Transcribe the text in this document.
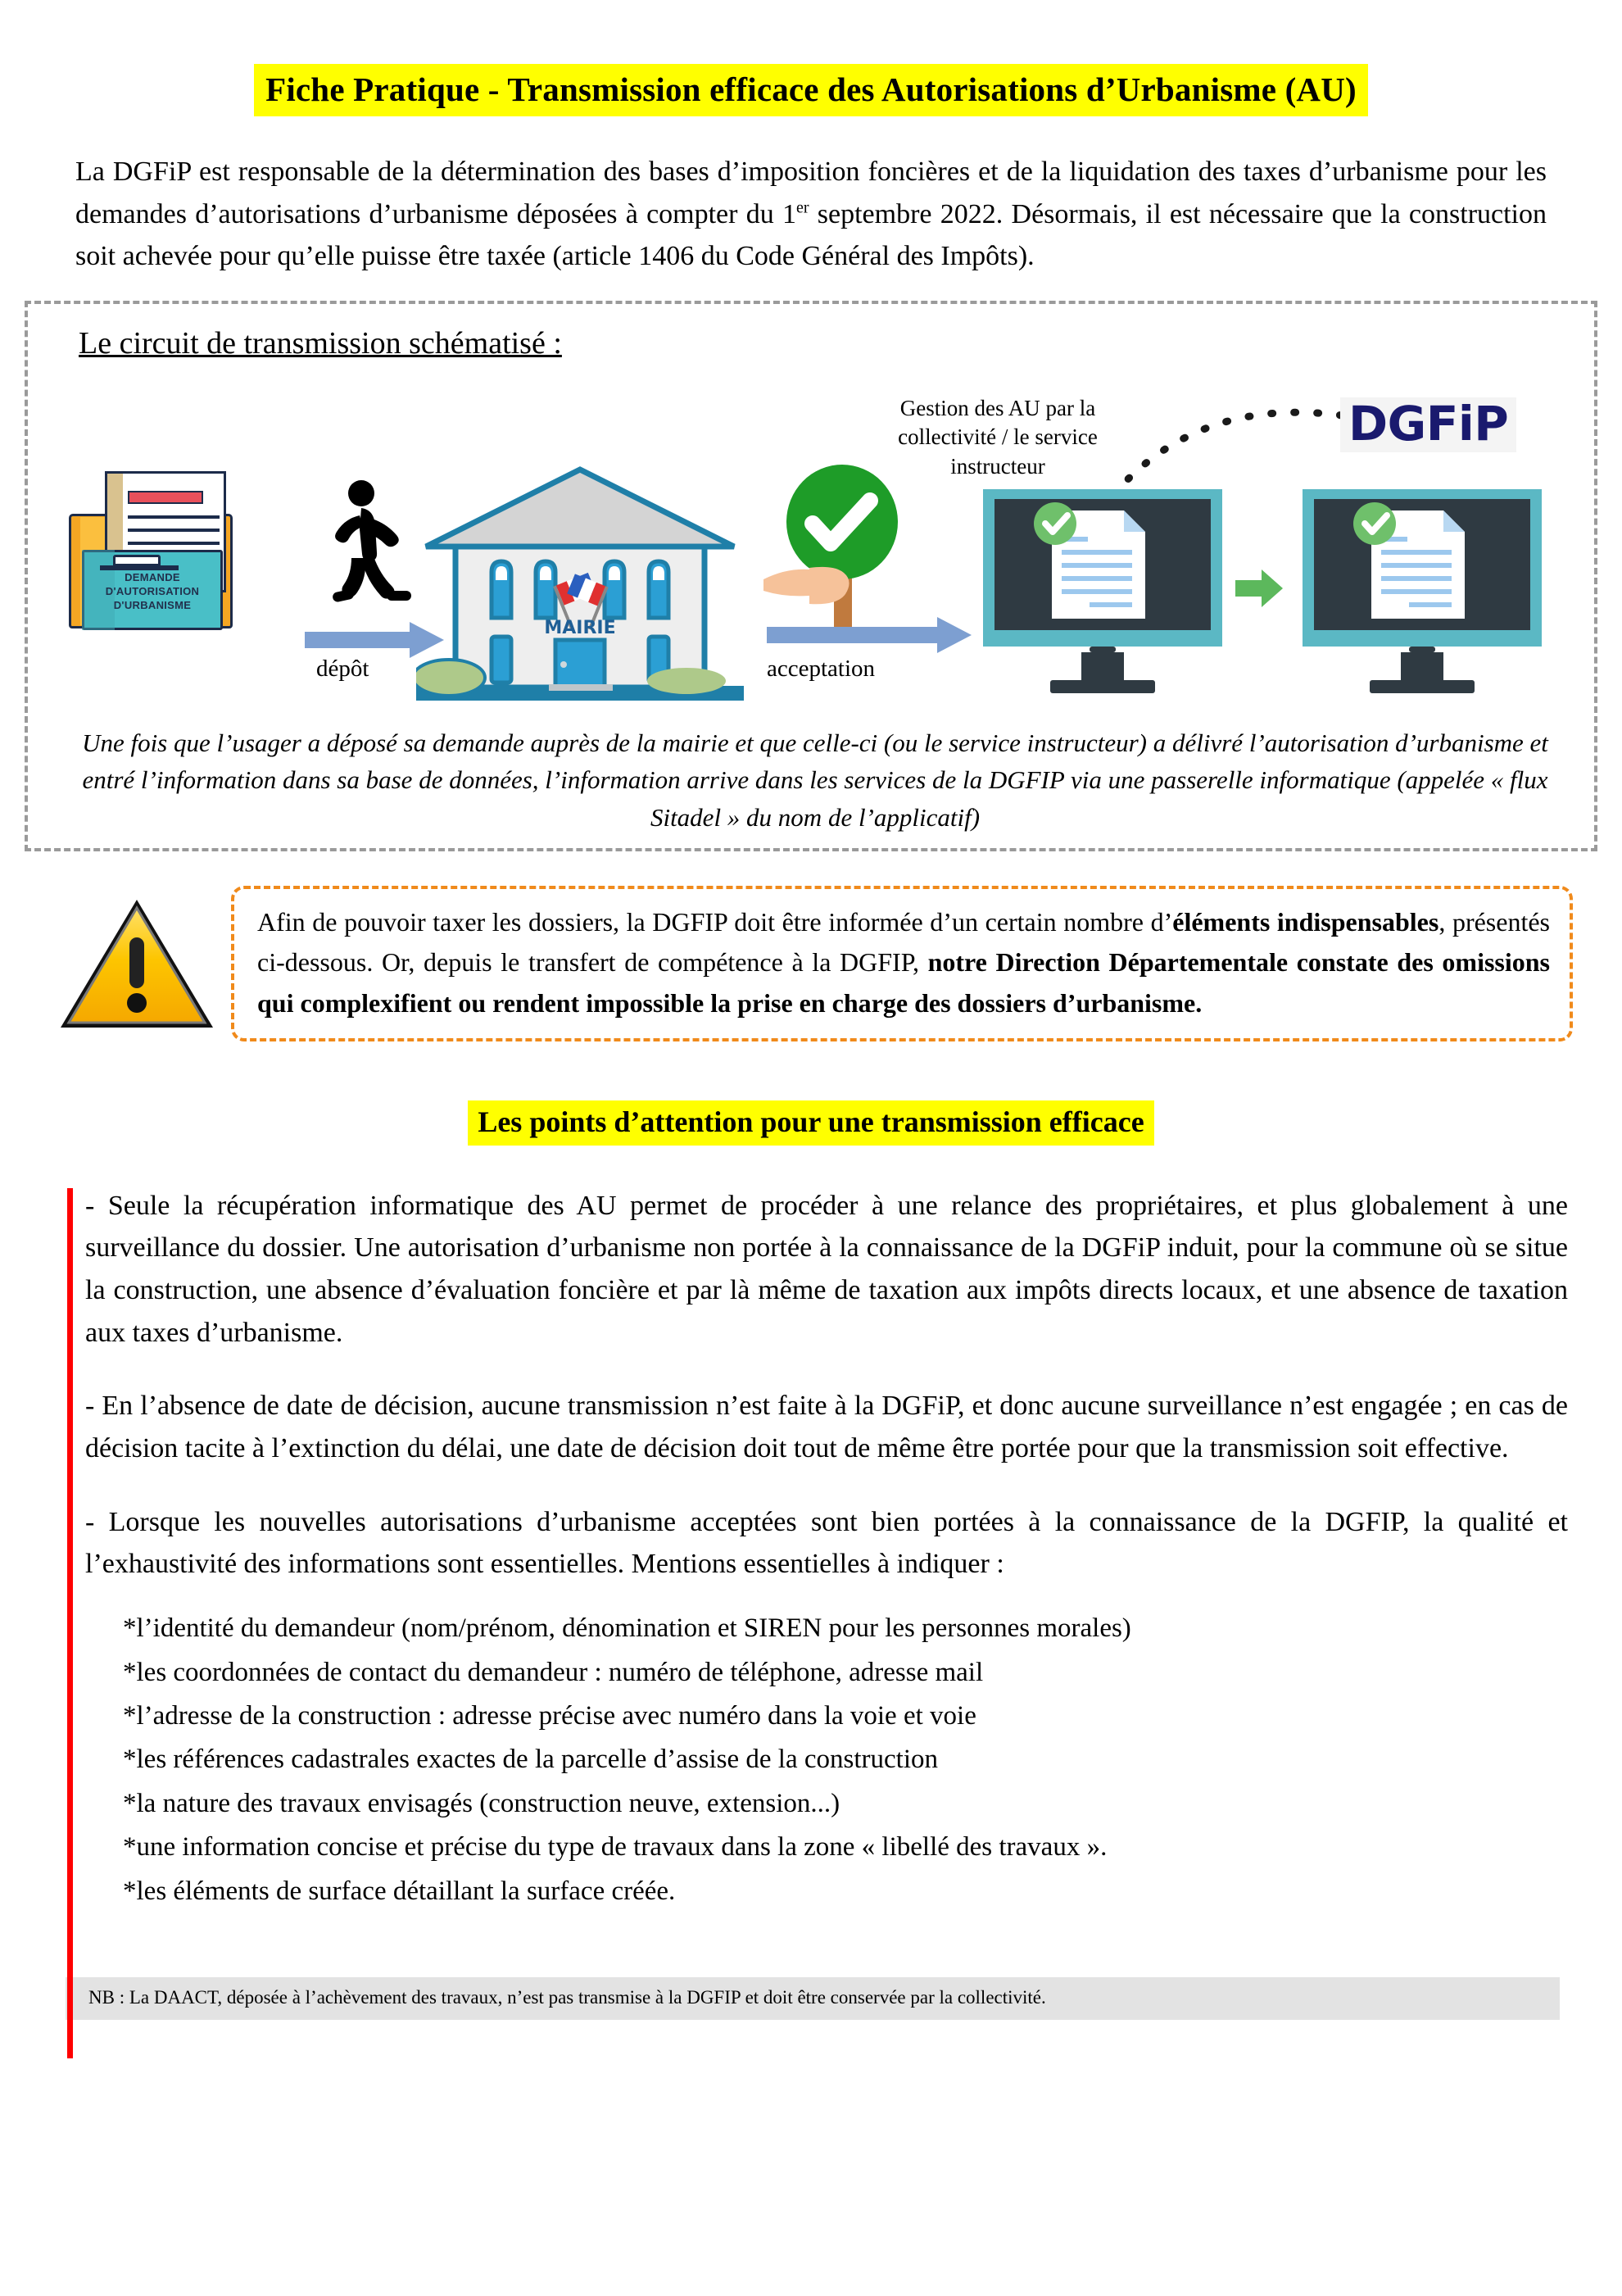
Fiche Pratique - Transmission efficace des Autorisations d’Urbanisme (AU)

La DGFiP est responsable de la détermination des bases d’imposition foncières et de la liquidation des taxes d’urbanisme pour les demandes d’autorisations d’urbanisme déposées à compter du 1er septembre 2022. Désormais, il est nécessaire que la construction soit achevée pour qu’elle puisse être taxée (article 1406 du Code Général des Impôts).

Le circuit de transmission schématisé :
DEMANDE
D'AUTORISATION
D'URBANISME
MAIRIE
dépôt	acceptation
Gestion des AU par la
collectivité / le service
instructeur
DGFiP
Une fois que l’usager a déposé sa demande auprès de la mairie et que celle-ci (ou le service instructeur) a délivré l’autorisation d’urbanisme et entré l’information dans sa base de données, l’information arrive dans les services de la DGFIP via une passerelle informatique (appelée « flux Sitadel » du nom de l’applicatif)
Afin de pouvoir taxer les dossiers, la DGFIP doit être informée d’un certain nombre d’éléments indispensables, présentés ci-dessous. Or, depuis le transfert de compétence à la DGFIP, notre Direction Départementale constate des omissions qui complexifient ou rendent impossible la prise en charge des dossiers d’urbanisme.
Les points d’attention pour une transmission efficace

- Seule la récupération informatique des AU permet de procéder à une relance des propriétaires, et plus globalement à une surveillance du dossier. Une autorisation d’urbanisme non portée à la connaissance de la DGFiP induit, pour la commune où se situe la construction, une absence d’évaluation foncière et par là même de taxation aux impôts directs locaux, et une absence de taxation aux taxes d’urbanisme.

- En l’absence de date de décision, aucune transmission n’est faite à la DGFiP, et donc aucune surveillance n’est engagée ; en cas de décision tacite à l’extinction du délai, une date de décision doit tout de même être portée pour que la transmission soit effective.

- Lorsque les nouvelles autorisations d’urbanisme acceptées sont bien portées à la connaissance de la DGFIP, la qualité et l’exhaustivité des informations sont essentielles. Mentions essentielles à indiquer :

*l’identité du demandeur (nom/prénom, dénomination et SIREN pour les personnes morales)
*les coordonnées de contact du demandeur : numéro de téléphone, adresse mail
*l’adresse de la construction : adresse précise avec numéro dans la voie et voie
*les références cadastrales exactes de la parcelle d’assise de la construction
*la nature des travaux envisagés (construction neuve, extension...)
*une information concise et précise du type de travaux dans la zone « libellé des travaux ».
*les éléments de surface détaillant la surface créée.
NB : La DAACT, déposée à l’achèvement des travaux, n’est pas transmise à la DGFIP et doit être conservée par la collectivité.
